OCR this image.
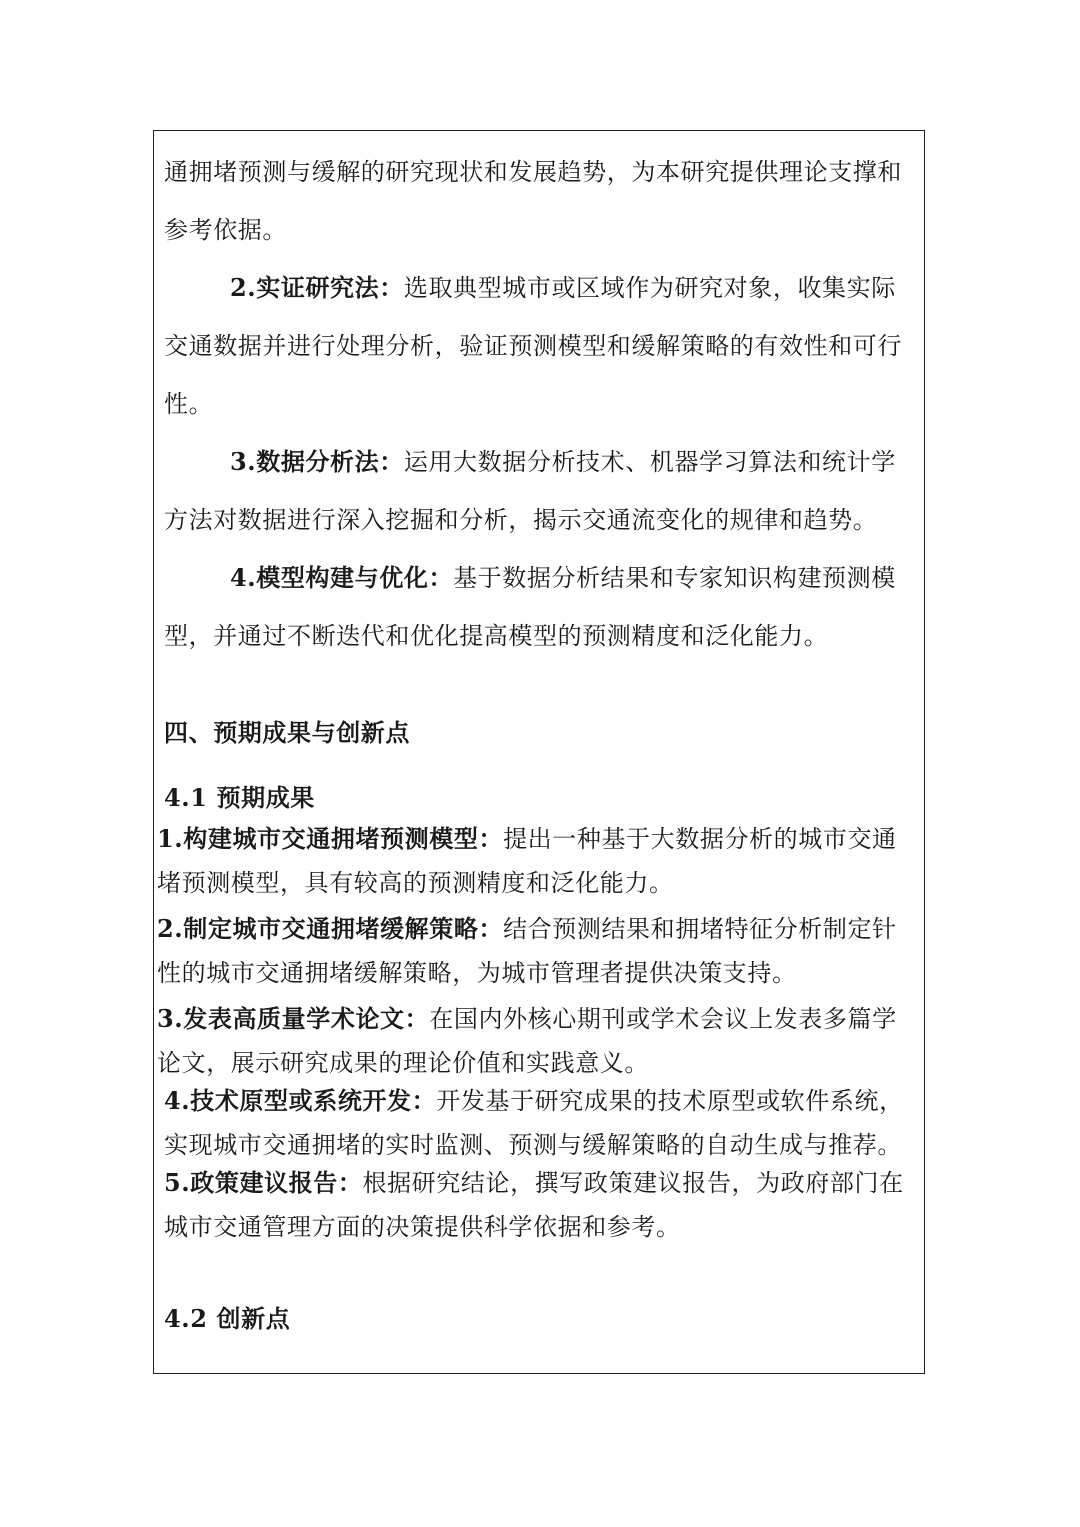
通拥堵预测与缓解的研究现状和发展趋势，为本研究提供理论支撑和参考依据。

2.实证研究法：选取典型城市或区域作为研究对象，收集实际交通数据并进行处理分析，验证预测模型和缓解策略的有效性和可行性。

3.数据分析法：运用大数据分析技术、机器学习算法和统计学方法对数据进行深入挖掘和分析，揭示交通流变化的规律和趋势。

4.模型构建与优化：基于数据分析结果和专家知识构建预测模型，并通过不断迭代和优化提高模型的预测精度和泛化能力。

四、预期成果与创新点

4.1 预期成果

1.构建城市交通拥堵预测模型：提出一种基于大数据分析的城市交通堵预测模型，具有较高的预测精度和泛化能力。

2.制定城市交通拥堵缓解策略：结合预测结果和拥堵特征分析制定针性的城市交通拥堵缓解策略，为城市管理者提供决策支持。

3.发表高质量学术论文：在国内外核心期刊或学术会议上发表多篇学论文，展示研究成果的理论价值和实践意义。

4.技术原型或系统开发：开发基于研究成果的技术原型或软件系统，实现城市交通拥堵的实时监测、预测与缓解策略的自动生成与推荐。

5.政策建议报告：根据研究结论，撰写政策建议报告，为政府部门在城市交通管理方面的决策提供科学依据和参考。

4.2 创新点
